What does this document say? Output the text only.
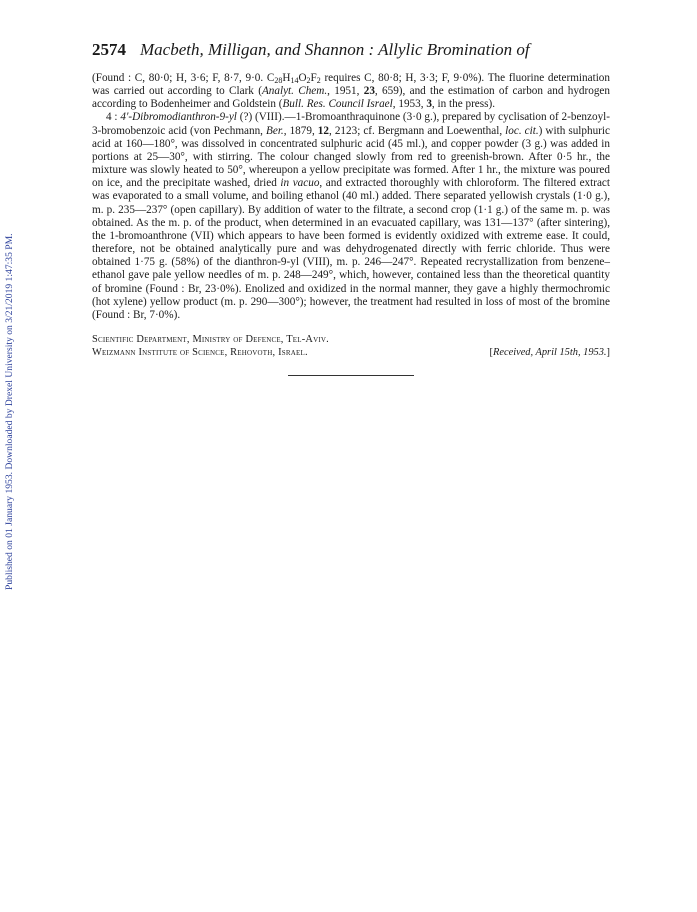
Published on 01 January 1953. Downloaded by Drexel University on 3/21/2019 1:47:35 PM.
2574 Macbeth, Milligan, and Shannon : Allylic Bromination of

(Found : C, 80·0; H, 3·6; F, 8·7, 9·0. $C_{28}H_{14}O_2F_2$ requires C, 80·8; H, 3·3; F, 9·0%). The fluorine determination was carried out according to Clark (Analyt. Chem., 1951, 23, 659), and the estimation of carbon and hydrogen according to Bodenheimer and Goldstein (Bull. Res. Council Israel, 1953, 3, in the press).

4 : 4'-Dibromodianthron-9-yl (?) (VIII).—1-Bromoanthraquinone (3·0 g.), prepared by cyclisation of 2-benzoyl-3-bromobenzoic acid (von Pechmann, Ber., 1879, 12, 2123; cf. Bergmann and Loewenthal, loc. cit.) with sulphuric acid at 160—180°, was dissolved in concentrated sulphuric acid (45 ml.), and copper powder (3 g.) was added in portions at 25—30°, with stirring. The colour changed slowly from red to greenish-brown. After 0·5 hr., the mixture was slowly heated to 50°, whereupon a yellow precipitate was formed. After 1 hr., the mixture was poured on ice, and the precipitate washed, dried in vacuo, and extracted thoroughly with chloroform. The filtered extract was evaporated to a small volume, and boiling ethanol (40 ml.) added. There separated yellowish crystals (1·0 g.), m. p. 235—237° (open capillary). By addition of water to the filtrate, a second crop (1·1 g.) of the same m. p. was obtained. As the m. p. of the product, when determined in an evacuated capillary, was 131—137° (after sintering), the 1-bromoanthrone (VII) which appears to have been formed is evidently oxidized with extreme ease. It could, therefore, not be obtained analytically pure and was dehydrogenated directly with ferric chloride. Thus were obtained 1·75 g. (58%) of the dianthron-9-yl (VIII), m. p. 246—247°. Repeated recrystallization from benzene–ethanol gave pale yellow needles of m. p. 248—249°, which, however, contained less than the theoretical quantity of bromine (Found : Br, 23·0%). Enolized and oxidized in the normal manner, they gave a highly thermochromic (hot xylene) yellow product (m. p. 290—300°); however, the treatment had resulted in loss of most of the bromine (Found : Br, 7·0%).

Scientific Department, Ministry of Defence, Tel-Aviv.
Weizmann Institute of Science, Rehovoth, Israel.	[Received, April 15th, 1953.]
